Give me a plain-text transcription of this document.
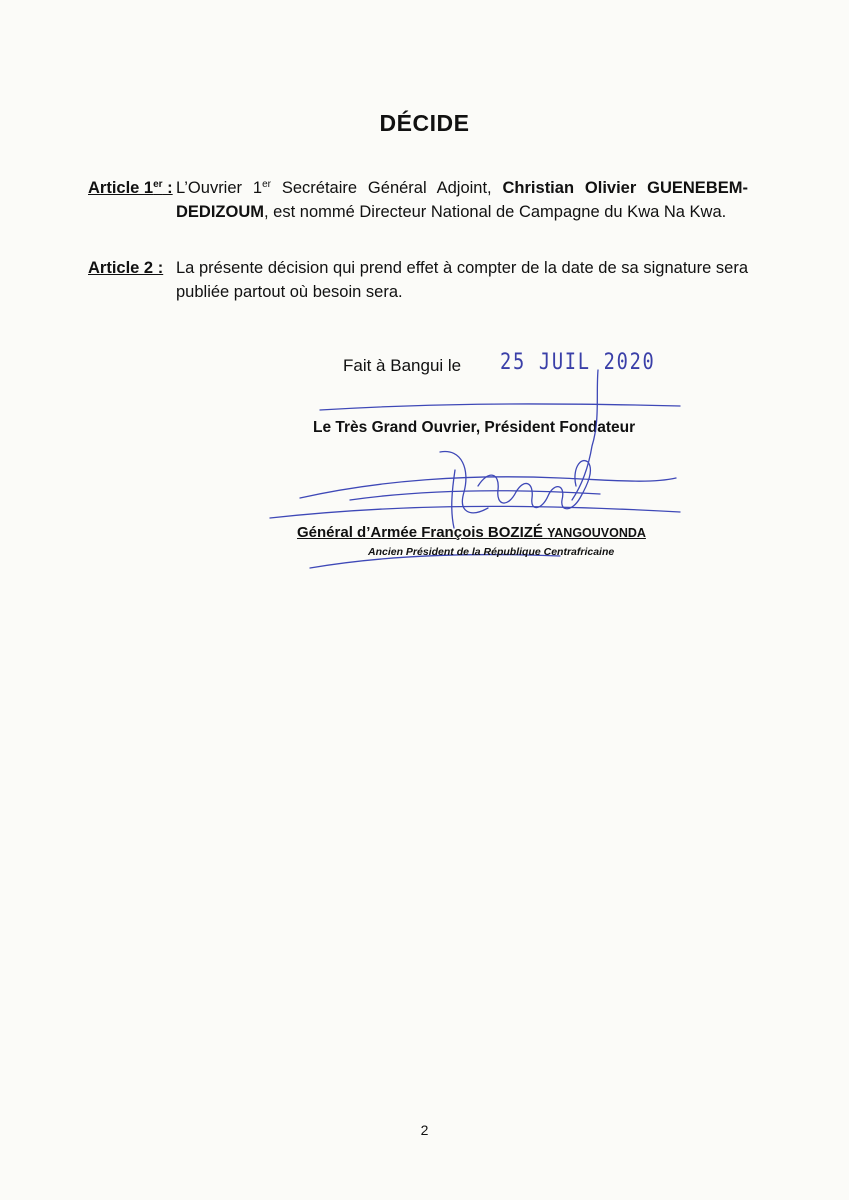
DÉCIDE
Article 1er : L’Ouvrier 1er Secrétaire Général Adjoint, Christian Olivier GUENEBEM-DEDIZOUM, est nommé Directeur National de Campagne du Kwa Na Kwa.
Article 2 : La présente décision qui prend effet à compter de la date de sa signature sera publiée partout où besoin sera.
Fait à Bangui le 25 JUIL 2020
Le Très Grand Ouvrier, Président Fondateur
Général d’Armée François BOZIZÉ YANGOUVONDA
Ancien Président de la République Centrafricaine
2
